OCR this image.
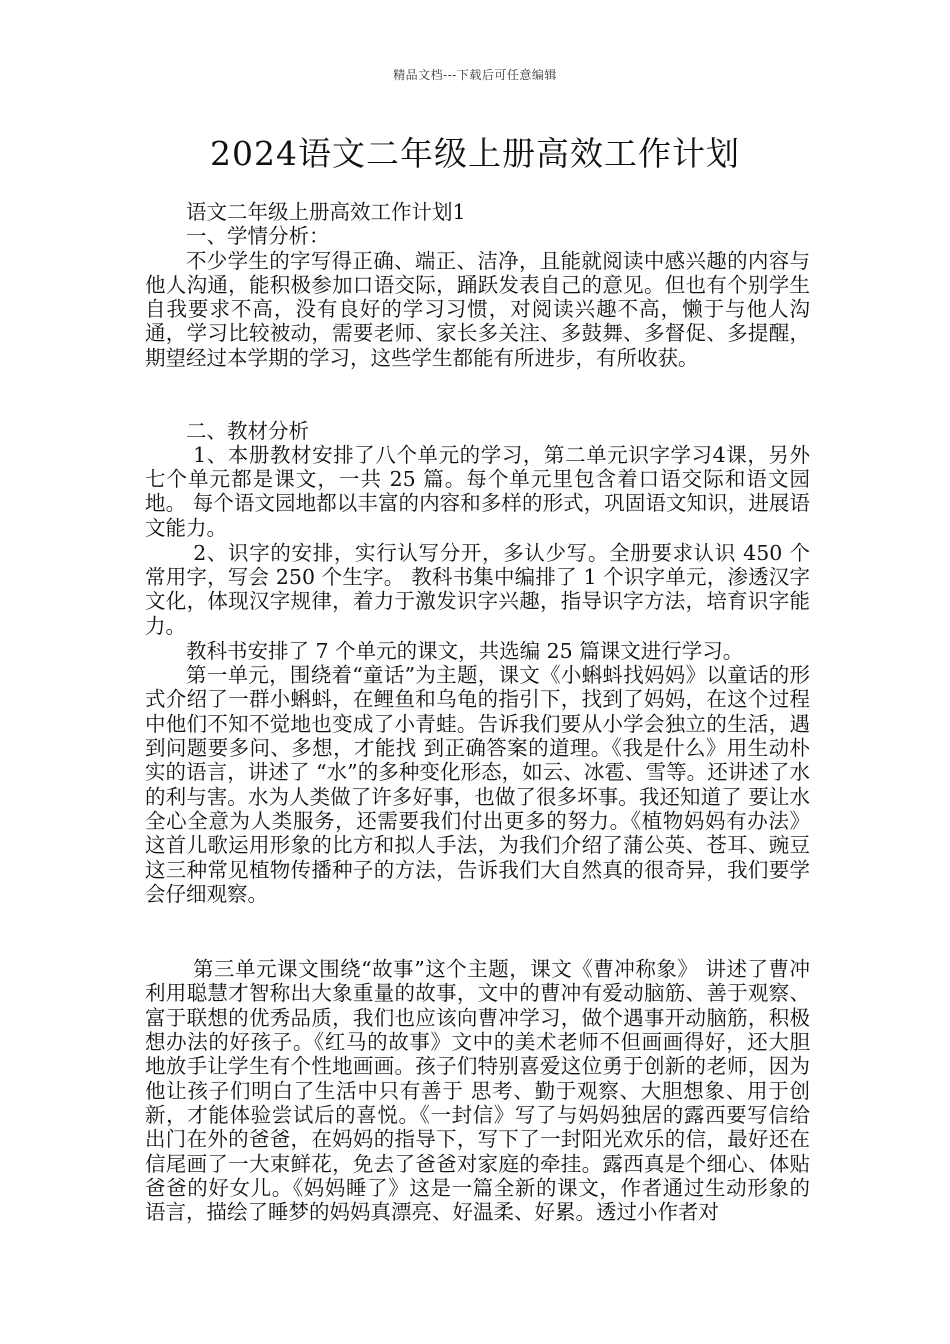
精品文档---下载后可任意编辑
2024语文二年级上册高效工作计划

语文二年级上册高效工作计划1

一、学情分析：

不少学生的字写得正确、端正、洁净，且能就阅读中感兴趣的内容与他人沟通，能积极参加口语交际，踊跃发表自己的意见。但也有个别学生自我要求不高，没有良好的学习习惯，对阅读兴趣不高，懒于与他人沟通，学习比较被动，需要老师、家长多关注、多鼓舞、多督促、多提醒，期望经过本学期的学习，这些学生都能有所进步，有所收获。

二、教材分析

1、本册教材安排了八个单元的学习，第二单元识字学习4课，另外七个单元都是课文，一共 25 篇。每个单元里包含着口语交际和语文园地。 每个语文园地都以丰富的内容和多样的形式，巩固语文知识，进展语文能力。

2、识字的安排，实行认写分开，多认少写。全册要求认识 450 个常用字，写会 250 个生字。 教科书集中编排了 1 个识字单元，渗透汉字文化，体现汉字规律，着力于激发识字兴趣，指导识字方法，培育识字能力。

教科书安排了 7 个单元的课文，共选编 25 篇课文进行学习。

第一单元，围绕着“童话”为主题，课文《小蝌蚪找妈妈》以童话的形式介绍了一群小蝌蚪，在鲤鱼和乌龟的指引下，找到了妈妈，在这个过程中他们不知不觉地也变成了小青蛙。告诉我们要从小学会独立的生活，遇到问题要多问、多想，才能找 到正确答案的道理。《我是什么》用生动朴实的语言，讲述了 “水”的多种变化形态，如云、冰雹、雪等。还讲述了水的利与害。水为人类做了许多好事，也做了很多坏事。我还知道了 要让水全心全意为人类服务，还需要我们付出更多的努力。《植物妈妈有办法》这首儿歌运用形象的比方和拟人手法，为我们介绍了蒲公英、苍耳、豌豆这三种常见植物传播种子的方法，告诉我们大自然真的很奇异，我们要学会仔细观察。

第三单元课文围绕“故事”这个主题，课文《曹冲称象》 讲述了曹冲利用聪慧才智称出大象重量的故事，文中的曹冲有爱动脑筋、善于观察、富于联想的优秀品质，我们也应该向曹冲学习，做个遇事开动脑筋，积极想办法的好孩子。《红马的故事》文中的美术老师不但画画得好，还大胆地放手让学生有个性地画画。孩子们特别喜爱这位勇于创新的老师，因为他让孩子们明白了生活中只有善于 思考、勤于观察、大胆想象、用于创新，才能体验尝试后的喜悦。《一封信》写了与妈妈独居的露西要写信给出门在外的爸爸，在妈妈的指导下，写下了一封阳光欢乐的信，最好还在信尾画了一大束鲜花，免去了爸爸对家庭的牵挂。露西真是个细心、体贴爸爸的好女儿。《妈妈睡了》这是一篇全新的课文，作者通过生动形象的语言，描绘了睡梦的妈妈真漂亮、好温柔、好累。透过小作者对
